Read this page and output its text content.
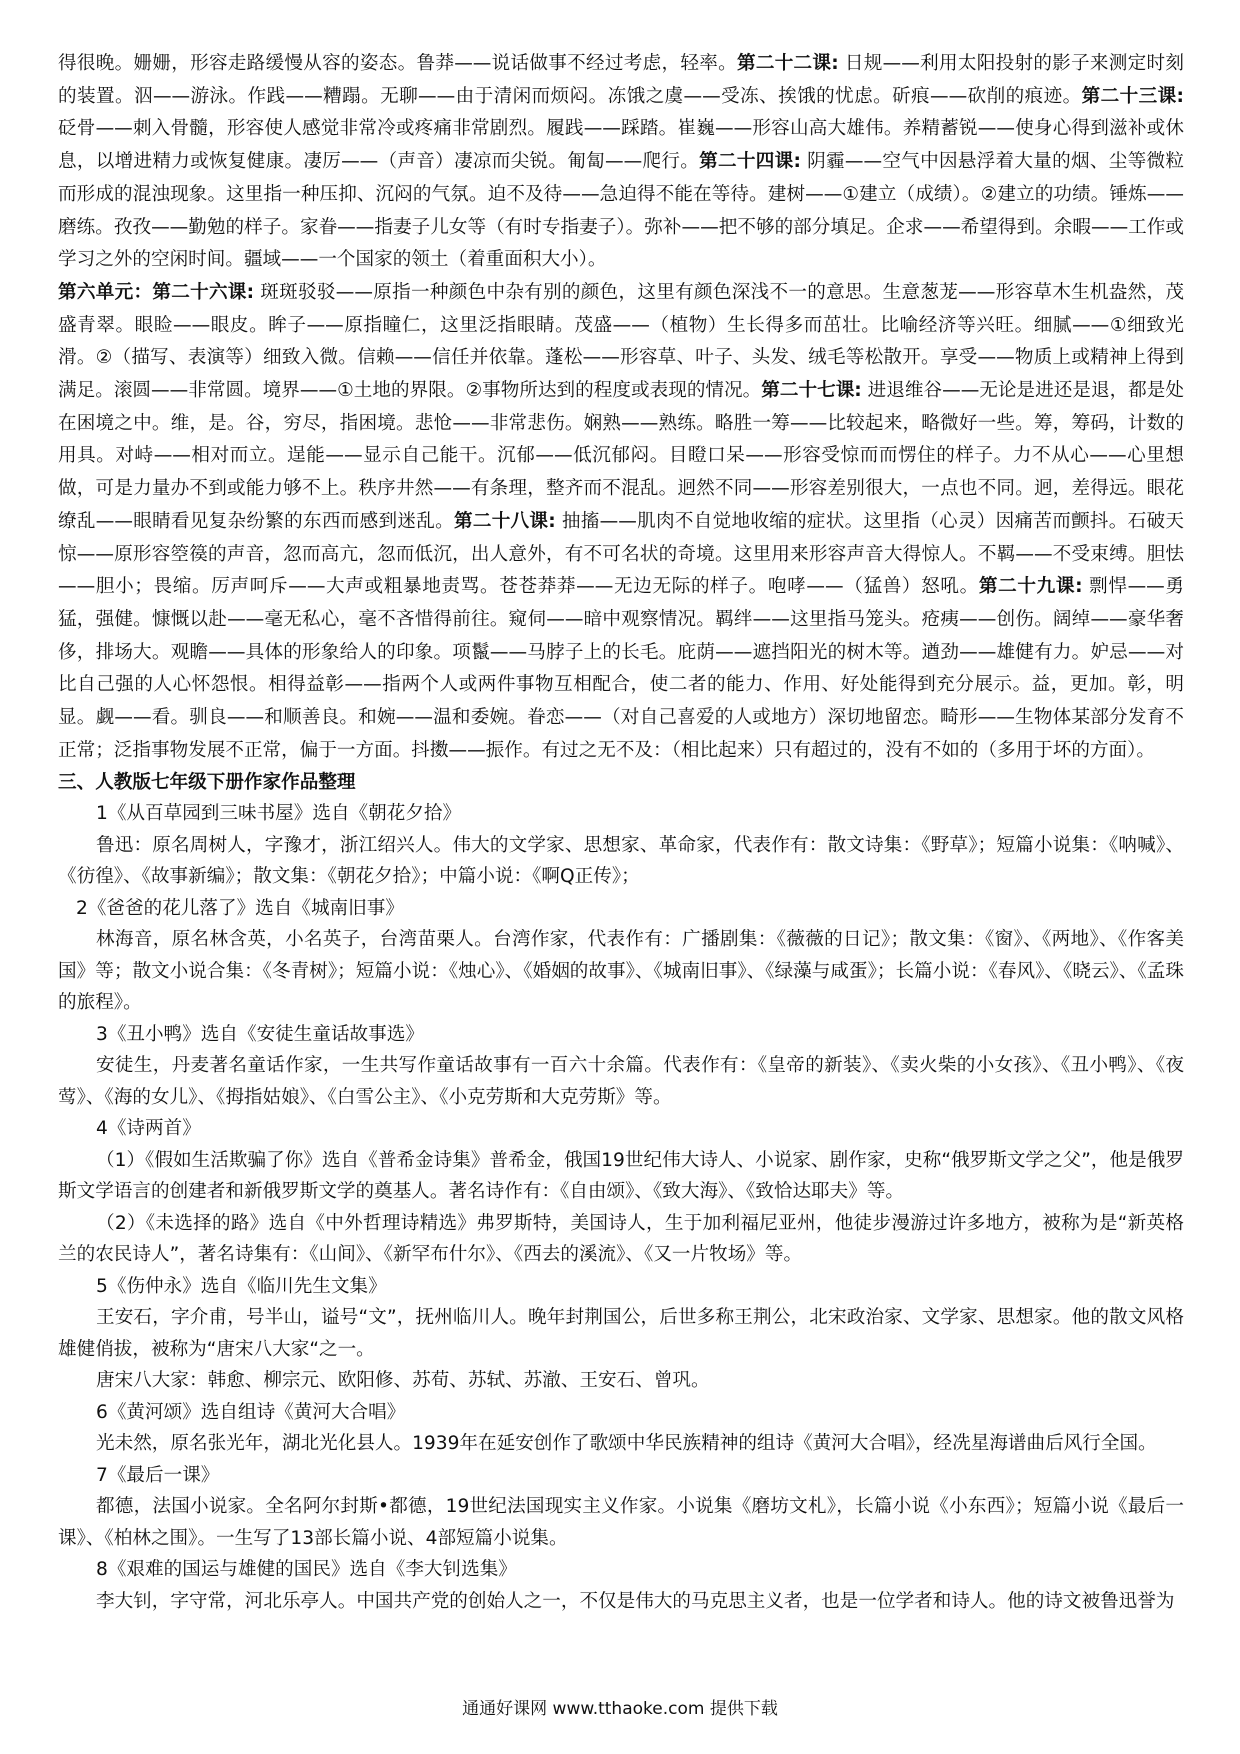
得很晚。姗姗，形容走路缓慢从容的姿态。鲁莽——说话做事不经过考虑，轻率。第二十二课: 日规——利用太阳投射的影子来测定时刻的装置。泅——游泳。作践——糟蹋。无聊——由于清闲而烦闷。冻饿之虞——受冻、挨饿的忧虑。斫痕——砍削的痕迹。第二十三课: 砭骨——刺入骨髓，形容使人感觉非常冷或疼痛非常剧烈。履践——踩踏。崔巍——形容山高大雄伟。养精蓄锐——使身心得到滋补或休息，以增进精力或恢复健康。凄厉——（声音）凄凉而尖锐。匍匐——爬行。第二十四课: 阴霾——空气中因悬浮着大量的烟、尘等微粒而形成的混浊现象。这里指一种压抑、沉闷的气氛。迫不及待——急迫得不能在等待。建树——①建立（成绩）。②建立的功绩。锤炼——磨练。孜孜——勤勉的样子。家眷——指妻子儿女等（有时专指妻子）。弥补——把不够的部分填足。企求——希望得到。余暇——工作或学习之外的空闲时间。疆域——一个国家的领土（着重面积大小）。

第六单元：第二十六课: 斑斑驳驳——原指一种颜色中杂有别的颜色，这里有颜色深浅不一的意思。生意葱茏——形容草木生机盎然，茂盛青翠。眼睑——眼皮。眸子——原指瞳仁，这里泛指眼睛。茂盛——（植物）生长得多而茁壮。比喻经济等兴旺。细腻——①细致光滑。②（描写、表演等）细致入微。信赖——信任并依靠。蓬松——形容草、叶子、头发、绒毛等松散开。享受——物质上或精神上得到满足。滚圆——非常圆。境界——①土地的界限。②事物所达到的程度或表现的情况。第二十七课: 进退维谷——无论是进还是退，都是处在困境之中。维，是。谷，穷尽，指困境。悲怆——非常悲伤。娴熟——熟练。略胜一筹——比较起来，略微好一些。筹，筹码，计数的用具。对峙——相对而立。逞能——显示自己能干。沉郁——低沉郁闷。目瞪口呆——形容受惊而而愣住的样子。力不从心——心里想做，可是力量办不到或能力够不上。秩序井然——有条理，整齐而不混乱。迥然不同——形容差别很大，一点也不同。迥，差得远。眼花缭乱——眼睛看见复杂纷繁的东西而感到迷乱。第二十八课: 抽搐——肌肉不自觉地收缩的症状。这里指（心灵）因痛苦而颤抖。石破天惊——原形容箜篌的声音，忽而高亢，忽而低沉，出人意外，有不可名状的奇境。这里用来形容声音大得惊人。不羁——不受束缚。胆怯——胆小；畏缩。厉声呵斥——大声或粗暴地责骂。苍苍莽莽——无边无际的样子。咆哮——（猛兽）怒吼。第二十九课: 剽悍——勇猛，强健。慷慨以赴——毫无私心，毫不吝惜得前往。窥伺——暗中观察情况。羁绊——这里指马笼头。疮痍——创伤。阔绰——豪华奢侈，排场大。观瞻——具体的形象给人的印象。项鬣——马脖子上的长毛。庇荫——遮挡阳光的树木等。遒劲——雄健有力。妒忌——对比自己强的人心怀怨恨。相得益彰——指两个人或两件事物互相配合，使二者的能力、作用、好处能得到充分展示。益，更加。彰，明显。觑——看。驯良——和顺善良。和婉——温和委婉。眷恋——（对自己喜爱的人或地方）深切地留恋。畸形——生物体某部分发育不正常；泛指事物发展不正常，偏于一方面。抖擞——振作。有过之无不及：（相比起来）只有超过的，没有不如的（多用于坏的方面）。

三、人教版七年级下册作家作品整理

1《从百草园到三味书屋》选自《朝花夕拾》

鲁迅：原名周树人，字豫才，浙江绍兴人。伟大的文学家、思想家、革命家，代表作有：散文诗集：《野草》；短篇小说集：《呐喊》、《彷徨》、《故事新编》；散文集：《朝花夕拾》；中篇小说：《啊Q正传》；

2《爸爸的花儿落了》选自《城南旧事》

林海音，原名林含英，小名英子，台湾苗栗人。台湾作家，代表作有：广播剧集：《薇薇的日记》；散文集：《窗》、《两地》、《作客美国》等；散文小说合集：《冬青树》；短篇小说：《烛心》、《婚姻的故事》、《城南旧事》、《绿藻与咸蛋》；长篇小说：《春风》、《晓云》、《孟珠的旅程》。

3《丑小鸭》选自《安徒生童话故事选》

安徒生，丹麦著名童话作家，一生共写作童话故事有一百六十余篇。代表作有：《皇帝的新装》、《卖火柴的小女孩》、《丑小鸭》、《夜莺》、《海的女儿》、《拇指姑娘》、《白雪公主》、《小克劳斯和大克劳斯》等。

4《诗两首》

（1）《假如生活欺骗了你》选自《普希金诗集》普希金，俄国19世纪伟大诗人、小说家、剧作家，史称“俄罗斯文学之父”，他是俄罗斯文学语言的创建者和新俄罗斯文学的奠基人。著名诗作有：《自由颂》、《致大海》、《致恰达耶夫》等。

（2）《未选择的路》选自《中外哲理诗精选》弗罗斯特，美国诗人，生于加利福尼亚州，他徒步漫游过许多地方，被称为是“新英格兰的农民诗人”，著名诗集有：《山间》、《新罕布什尔》、《西去的溪流》、《又一片牧场》等。

5《伤仲永》选自《临川先生文集》

王安石，字介甫，号半山，谥号“文”，抚州临川人。晚年封荆国公，后世多称王荆公，北宋政治家、文学家、思想家。他的散文风格雄健俏拔，被称为“唐宋八大家“之一。

唐宋八大家：韩愈、柳宗元、欧阳修、苏荀、苏轼、苏澈、王安石、曾巩。

6《黄河颂》选自组诗《黄河大合唱》

光未然，原名张光年，湖北光化县人。1939年在延安创作了歌颂中华民族精神的组诗《黄河大合唱》，经冼星海谱曲后风行全国。

7《最后一课》

都德，法国小说家。全名阿尔封斯•都德，19世纪法国现实主义作家。小说集《磨坊文札》，长篇小说《小东西》；短篇小说《最后一课》、《柏林之围》。一生写了13部长篇小说、4部短篇小说集。

8《艰难的国运与雄健的国民》选自《李大钊选集》

李大钊，字守常，河北乐亭人。中国共产党的创始人之一，不仅是伟大的马克思主义者，也是一位学者和诗人。他的诗文被鲁迅誉为

通通好课网 www.tthaoke.com 提供下载
